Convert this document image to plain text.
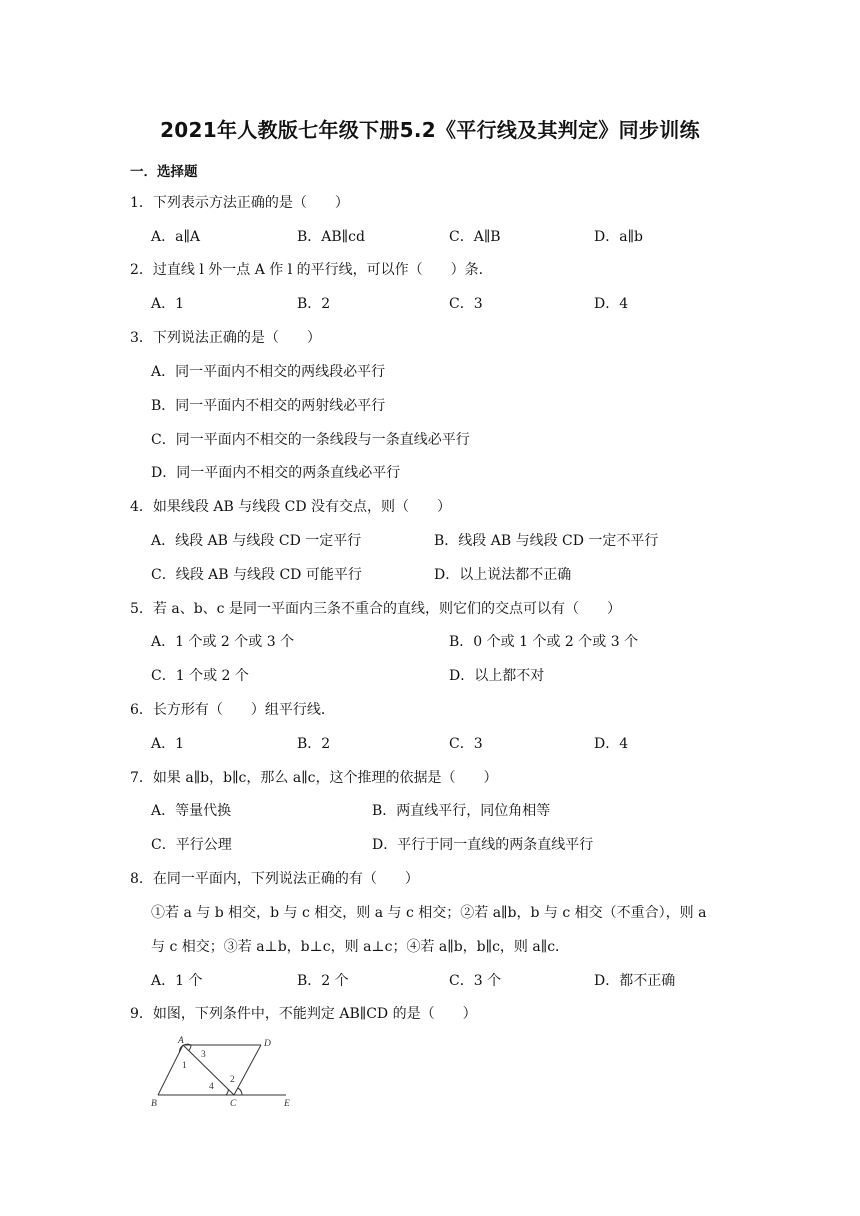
2021年人教版七年级下册5.2《平行线及其判定》同步训练
一．选择题
1．下列表示方法正确的是（　　）
A．a∥A	B．AB∥cd	C．A∥B	D．a∥b
2．过直线 l 外一点 A 作 l 的平行线，可以作（　　）条．
A．1	B．2	C．3	D．4
3．下列说法正确的是（　　）
A．同一平面内不相交的两线段必平行
B．同一平面内不相交的两射线必平行
C．同一平面内不相交的一条线段与一条直线必平行
D．同一平面内不相交的两条直线必平行
4．如果线段 AB 与线段 CD 没有交点，则（　　）
A．线段 AB 与线段 CD 一定平行	B．线段 AB 与线段 CD 一定不平行
C．线段 AB 与线段 CD 可能平行	D．以上说法都不正确
5．若 a、b、c 是同一平面内三条不重合的直线，则它们的交点可以有（　　）
A．1 个或 2 个或 3 个	B．0 个或 1 个或 2 个或 3 个
C．1 个或 2 个	D．以上都不对
6．长方形有（　　）组平行线．
A．1	B．2	C．3	D．4
7．如果 a∥b，b∥c，那么 a∥c，这个推理的依据是（　　）
A．等量代换	B．两直线平行，同位角相等
C．平行公理	D．平行于同一直线的两条直线平行
8．在同一平面内，下列说法正确的有（　　）
①若 a 与 b 相交，b 与 c 相交，则 a 与 c 相交；②若 a∥b，b 与 c 相交（不重合），则 a
与 c 相交；③若 a⊥b，b⊥c，则 a⊥c；④若 a∥b，b∥c，则 a∥c．
A．1 个	B．2 个	C．3 个	D．都不正确
9．如图，下列条件中，不能判定 AB∥CD 的是（　　）
A	D
B	C	E
1
2
3
4
